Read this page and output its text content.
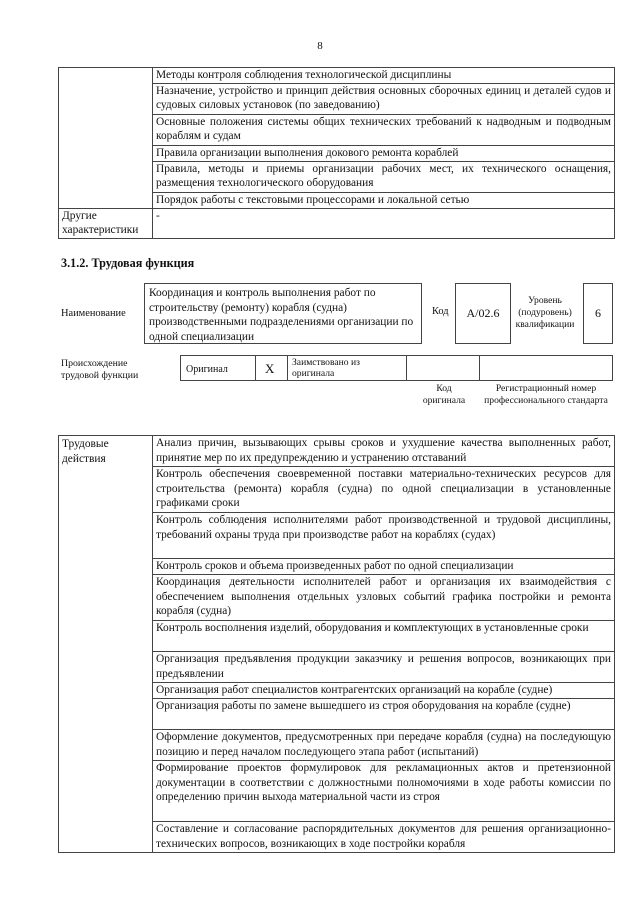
8
	Методы контроля соблюдения технологической дисциплины
	Назначение, устройство и принцип действия основных сборочных единиц и деталей судов и судовых силовых установок (по заведованию)
	Основные положения системы общих технических требований к надводным и подводным кораблям и судам
	Правила организации выполнения докового ремонта кораблей
	Правила, методы и приемы организации рабочих мест, их технического оснащения, размещения технологического оборудования
	Порядок работы с текстовыми процессорами и локальной сетью
Другие характеристики	-
3.1.2. Трудовая функция
Наименование
Координация и контроль выполнения работ по строительству (ремонту) корабля (судна) производственными подразделениями организации по одной специализации
Код	А/02.6
Уровень (подуровень) квалификации
6
Происхождение трудовой функции
Оригинал	X Заимствовано из оригинала
Код оригинала
Регистрационный номер профессионального стандарта
Трудовые действия	Анализ причин, вызывающих срывы сроков и ухудшение качества выполненных работ, принятие мер по их предупреждению и устранению отставаний
Контроль обеспечения своевременной поставки материально-технических ресурсов для строительства (ремонта) корабля (судна) по одной специализации в установленные графиками сроки
Контроль соблюдения исполнителями работ производственной и трудовой дисциплины, требований охраны труда при производстве работ на кораблях (судах)
Контроль сроков и объема произведенных работ по одной специализации
Координация деятельности исполнителей работ и организация их взаимодействия с обеспечением выполнения отдельных узловых событий графика постройки и ремонта корабля (судна)
Контроль восполнения изделий, оборудования и комплектующих в установленные сроки
Организация предъявления продукции заказчику и решения вопросов, возникающих при предъявлении
Организация работ специалистов контрагентских организаций на корабле (судне)
Организация работы по замене вышедшего из строя оборудования на корабле (судне)
Оформление документов, предусмотренных при передаче корабля (судна) на последующую позицию и перед началом последующего этапа работ (испытаний)
Формирование проектов формулировок для рекламационных актов и претензионной документации в соответствии с должностными полномочиями в ходе работы комиссии по определению причин выхода материальной части из строя
Составление и согласование распорядительных документов для решения организационно-технических вопросов, возникающих в ходе постройки корабля
